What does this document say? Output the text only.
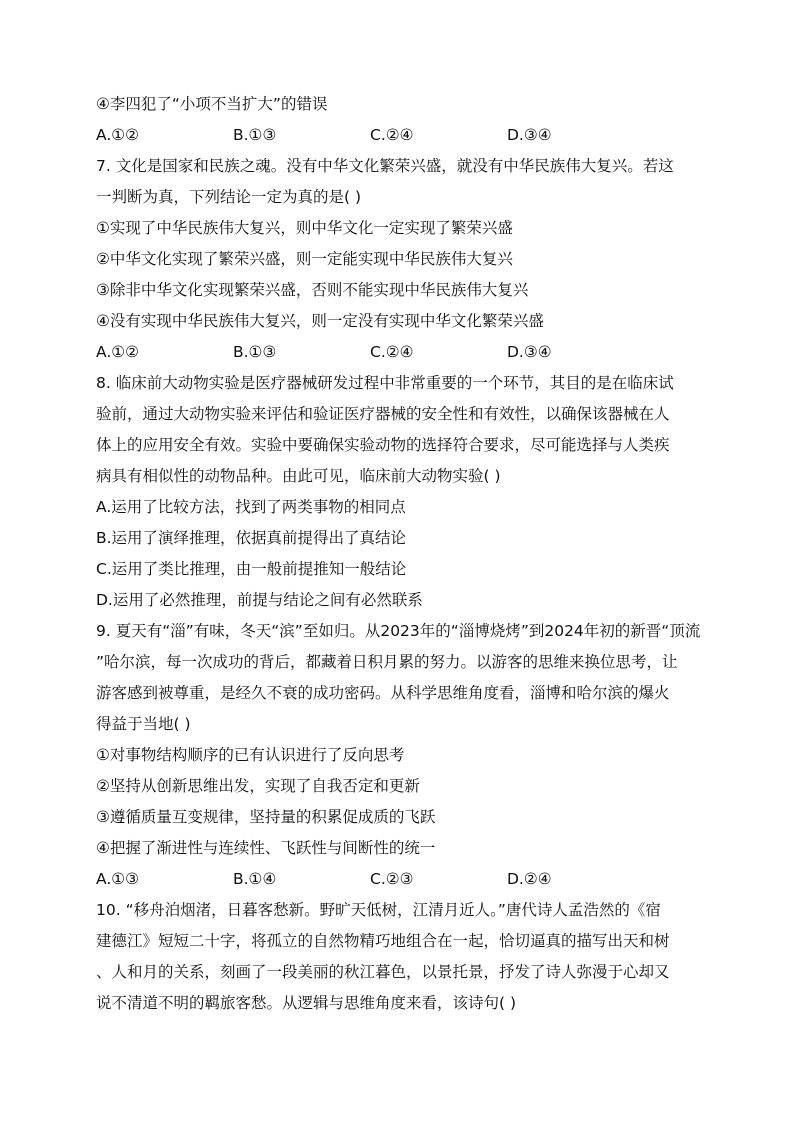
④李四犯了“小项不当扩大”的错误
A.①②	B.①③	C.②④	D.③④
7. 文化是国家和民族之魂。没有中华文化繁荣兴盛，就没有中华民族伟大复兴。若这
一判断为真，下列结论一定为真的是( )
①实现了中华民族伟大复兴，则中华文化一定实现了繁荣兴盛
②中华文化实现了繁荣兴盛，则一定能实现中华民族伟大复兴
③除非中华文化实现繁荣兴盛，否则不能实现中华民族伟大复兴
④没有实现中华民族伟大复兴，则一定没有实现中华文化繁荣兴盛
A.①②	B.①③	C.②④	D.③④
8. 临床前大动物实验是医疗器械研发过程中非常重要的一个环节，其目的是在临床试
验前，通过大动物实验来评估和验证医疗器械的安全性和有效性，以确保该器械在人
体上的应用安全有效。实验中要确保实验动物的选择符合要求，尽可能选择与人类疾
病具有相似性的动物品种。由此可见，临床前大动物实验( )
A.运用了比较方法，找到了两类事物的相同点
B.运用了演绎推理，依据真前提得出了真结论
C.运用了类比推理，由一般前提推知一般结论
D.运用了必然推理，前提与结论之间有必然联系
9. 夏天有“淄”有味，冬天“滨”至如归。从2023年的“淄博烧烤”到2024年初的新晋“顶流
”哈尔滨，每一次成功的背后，都藏着日积月累的努力。以游客的思维来换位思考，让
游客感到被尊重，是经久不衰的成功密码。从科学思维角度看，淄博和哈尔滨的爆火
得益于当地( )
①对事物结构顺序的已有认识进行了反向思考
②坚持从创新思维出发，实现了自我否定和更新
③遵循质量互变规律，坚持量的积累促成质的飞跃
④把握了渐进性与连续性、飞跃性与间断性的统一
A.①③	B.①④	C.②③	D.②④
10. “移舟泊烟渚，日暮客愁新。野旷天低树，江清月近人。”唐代诗人孟浩然的《宿
建德江》短短二十字，将孤立的自然物精巧地组合在一起，恰切逼真的描写出天和树
、人和月的关系，刻画了一段美丽的秋江暮色，以景托景，抒发了诗人弥漫于心却又
说不清道不明的羁旅客愁。从逻辑与思维角度来看，该诗句( )
